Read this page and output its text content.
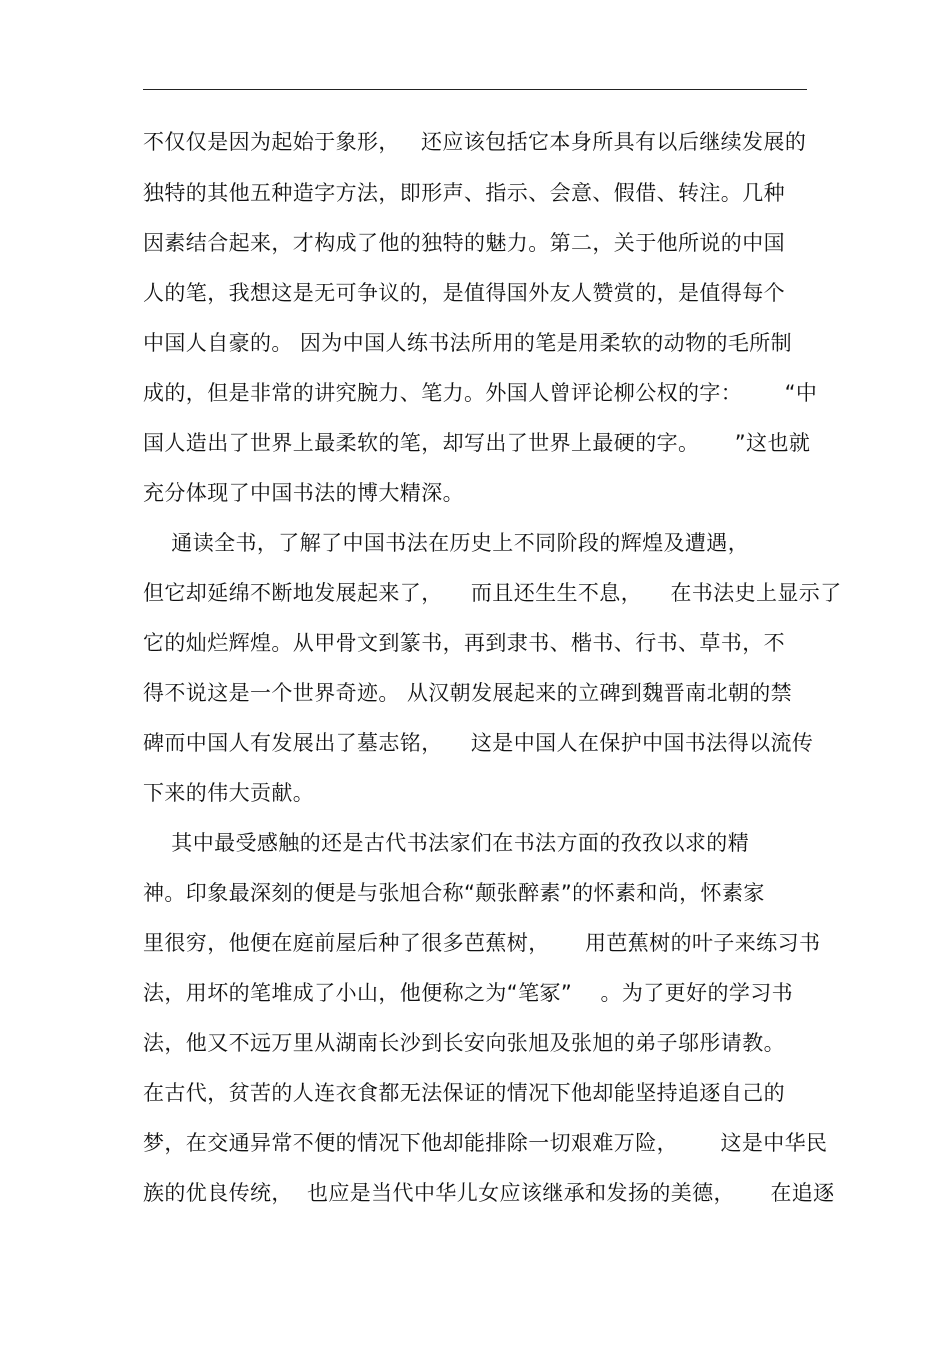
不仅仅是因为起始于象形，   还应该包括它本身所具有以后继续发展的
独特的其他五种造字方法，即形声、指示、会意、假借、转注。几种
因素结合起来，才构成了他的独特的魅力。第二，关于他所说的中国
人的笔，我想这是无可争议的，是值得国外友人赞赏的，是值得每个
中国人自豪的。 因为中国人练书法所用的笔是用柔软的动物的毛所制
成的，但是非常的讲究腕力、笔力。外国人曾评论柳公权的字：      “中
国人造出了世界上最柔软的笔，却写出了世界上最硬的字。     ”这也就
充分体现了中国书法的博大精深。
通读全书，了解了中国书法在历史上不同阶段的辉煌及遭遇，
但它却延绵不断地发展起来了，    而且还生生不息，    在书法史上显示了
它的灿烂辉煌。从甲骨文到篆书，再到隶书、楷书、行书、草书，不
得不说这是一个世界奇迹。 从汉朝发展起来的立碑到魏晋南北朝的禁
碑而中国人有发展出了墓志铭，    这是中国人在保护中国书法得以流传
下来的伟大贡献。
其中最受感触的还是古代书法家们在书法方面的孜孜以求的精
神。印象最深刻的便是与张旭合称“颠张醉素”的怀素和尚，怀素家
里很穷，他便在庭前屋后种了很多芭蕉树，     用芭蕉树的叶子来练习书
法，用坏的笔堆成了小山，他便称之为“笔冢”    。为了更好的学习书
法，他又不远万里从湖南长沙到长安向张旭及张旭的弟子邬彤请教。
在古代，贫苦的人连衣食都无法保证的情况下他却能坚持追逐自己的
梦，在交通异常不便的情况下他却能排除一切艰难万险，      这是中华民
族的优良传统，  也应是当代中华儿女应该继承和发扬的美德，     在追逐
